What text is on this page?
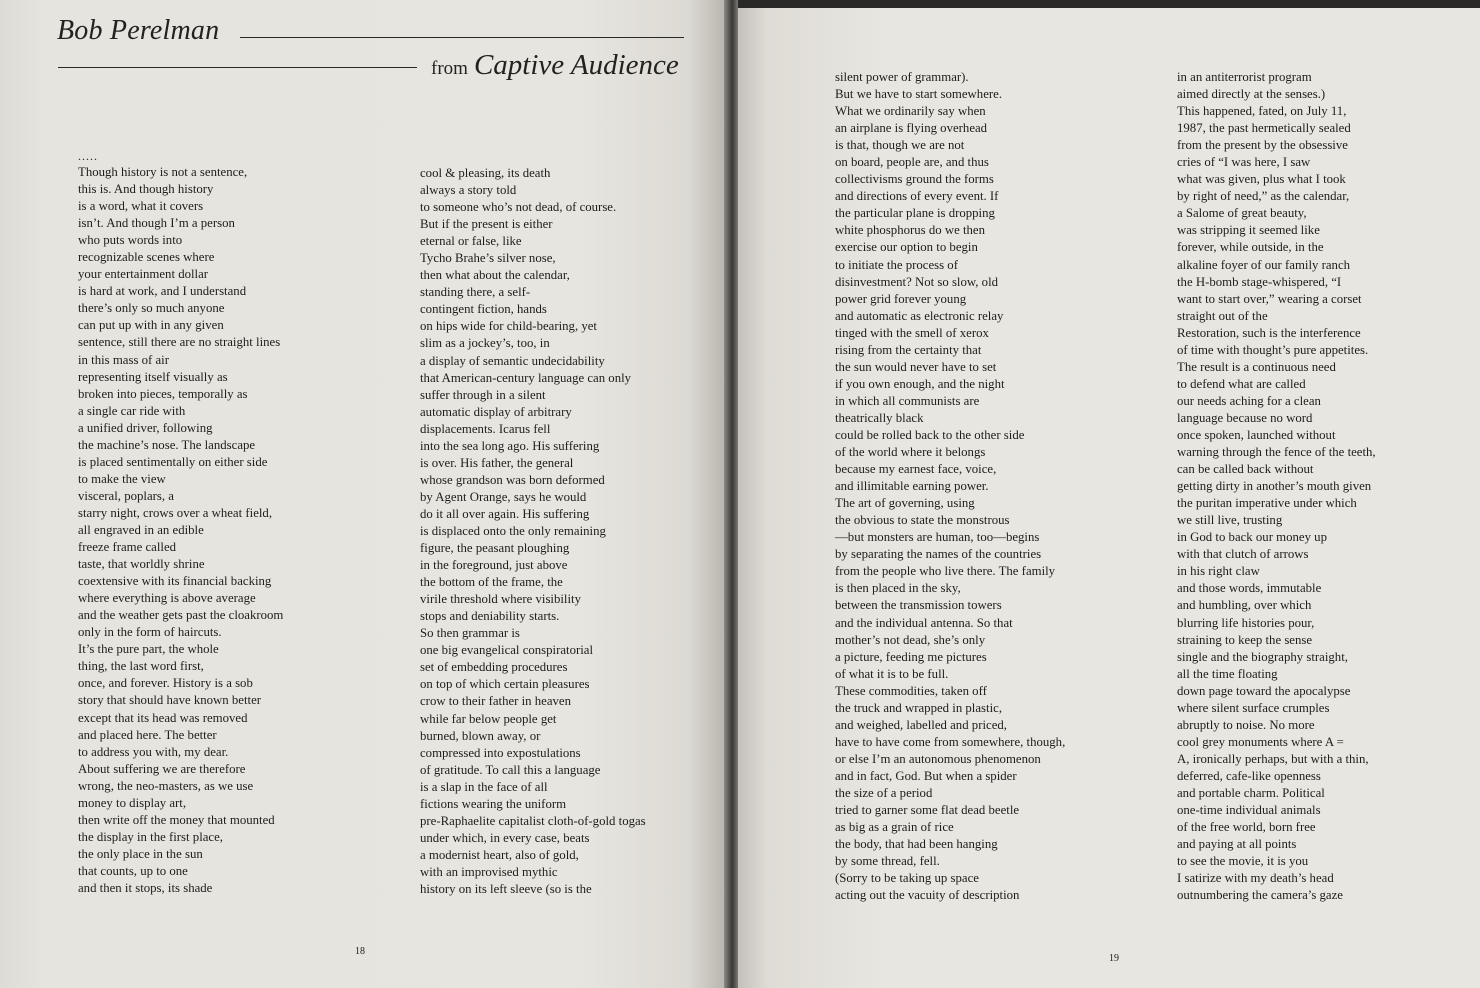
Bob Perelman
from Captive Audience
.....
Though history is not a sentence,
this is. And though history
is a word, what it covers
isn’t. And though I’m a person
who puts words into
recognizable scenes where
your entertainment dollar
is hard at work, and I understand
there’s only so much anyone
can put up with in any given
sentence, still there are no straight lines
in this mass of air
representing itself visually as
broken into pieces, temporally as
a single car ride with
a unified driver, following
the machine’s nose. The landscape
is placed sentimentally on either side
to make the view
visceral, poplars, a
starry night, crows over a wheat field,
all engraved in an edible
freeze frame called
taste, that worldly shrine
coextensive with its financial backing
where everything is above average
and the weather gets past the cloakroom
only in the form of haircuts.
It’s the pure part, the whole
thing, the last word first,
once, and forever. History is a sob
story that should have known better
except that its head was removed
and placed here. The better
to address you with, my dear.
About suffering we are therefore
wrong, the neo-masters, as we use
money to display art,
then write off the money that mounted
the display in the first place,
the only place in the sun
that counts, up to one
and then it stops, its shade
cool & pleasing, its death
always a story told
to someone who’s not dead, of course.
But if the present is either
eternal or false, like
Tycho Brahe’s silver nose,
then what about the calendar,
standing there, a self-
contingent fiction, hands
on hips wide for child-bearing, yet
slim as a jockey’s, too, in
a display of semantic undecidability
that American-century language can only
suffer through in a silent
automatic display of arbitrary
displacements. Icarus fell
into the sea long ago. His suffering
is over. His father, the general
whose grandson was born deformed
by Agent Orange, says he would
do it all over again. His suffering
is displaced onto the only remaining
figure, the peasant ploughing
in the foreground, just above
the bottom of the frame, the
virile threshold where visibility
stops and deniability starts.
So then grammar is
one big evangelical conspiratorial
set of embedding procedures
on top of which certain pleasures
crow to their father in heaven
while far below people get
burned, blown away, or
compressed into expostulations
of gratitude. To call this a language
is a slap in the face of all
fictions wearing the uniform
pre-Raphaelite capitalist cloth-of-gold togas
under which, in every case, beats
a modernist heart, also of gold,
with an improvised mythic
history on its left sleeve (so is the
18
silent power of grammar).
But we have to start somewhere.
What we ordinarily say when
an airplane is flying overhead
is that, though we are not
on board, people are, and thus
collectivisms ground the forms
and directions of every event. If
the particular plane is dropping
white phosphorus do we then
exercise our option to begin
to initiate the process of
disinvestment? Not so slow, old
power grid forever young
and automatic as electronic relay
tinged with the smell of xerox
rising from the certainty that
the sun would never have to set
if you own enough, and the night
in which all communists are
theatrically black
could be rolled back to the other side
of the world where it belongs
because my earnest face, voice,
and illimitable earning power.
The art of governing, using
the obvious to state the monstrous
—but monsters are human, too—begins
by separating the names of the countries
from the people who live there. The family
is then placed in the sky,
between the transmission towers
and the individual antenna. So that
mother’s not dead, she’s only
a picture, feeding me pictures
of what it is to be full.
These commodities, taken off
the truck and wrapped in plastic,
and weighed, labelled and priced,
have to have come from somewhere, though,
or else I’m an autonomous phenomenon
and in fact, God. But when a spider
the size of a period
tried to garner some flat dead beetle
as big as a grain of rice
the body, that had been hanging
by some thread, fell.
(Sorry to be taking up space
acting out the vacuity of description
in an antiterrorist program
aimed directly at the senses.)
This happened, fated, on July 11,
1987, the past hermetically sealed
from the present by the obsessive
cries of “I was here, I saw
what was given, plus what I took
by right of need,” as the calendar,
a Salome of great beauty,
was stripping it seemed like
forever, while outside, in the
alkaline foyer of our family ranch
the H-bomb stage-whispered, “I
want to start over,” wearing a corset
straight out of the
Restoration, such is the interference
of time with thought’s pure appetites.
The result is a continuous need
to defend what are called
our needs aching for a clean
language because no word
once spoken, launched without
warning through the fence of the teeth,
can be called back without
getting dirty in another’s mouth given
the puritan imperative under which
we still live, trusting
in God to back our money up
with that clutch of arrows
in his right claw
and those words, immutable
and humbling, over which
blurring life histories pour,
straining to keep the sense
single and the biography straight,
all the time floating
down page toward the apocalypse
where silent surface crumples
abruptly to noise. No more
cool grey monuments where A =
A, ironically perhaps, but with a thin,
deferred, cafe-like openness
and portable charm. Political
one-time individual animals
of the free world, born free
and paying at all points
to see the movie, it is you
I satirize with my death’s head
outnumbering the camera’s gaze
19
